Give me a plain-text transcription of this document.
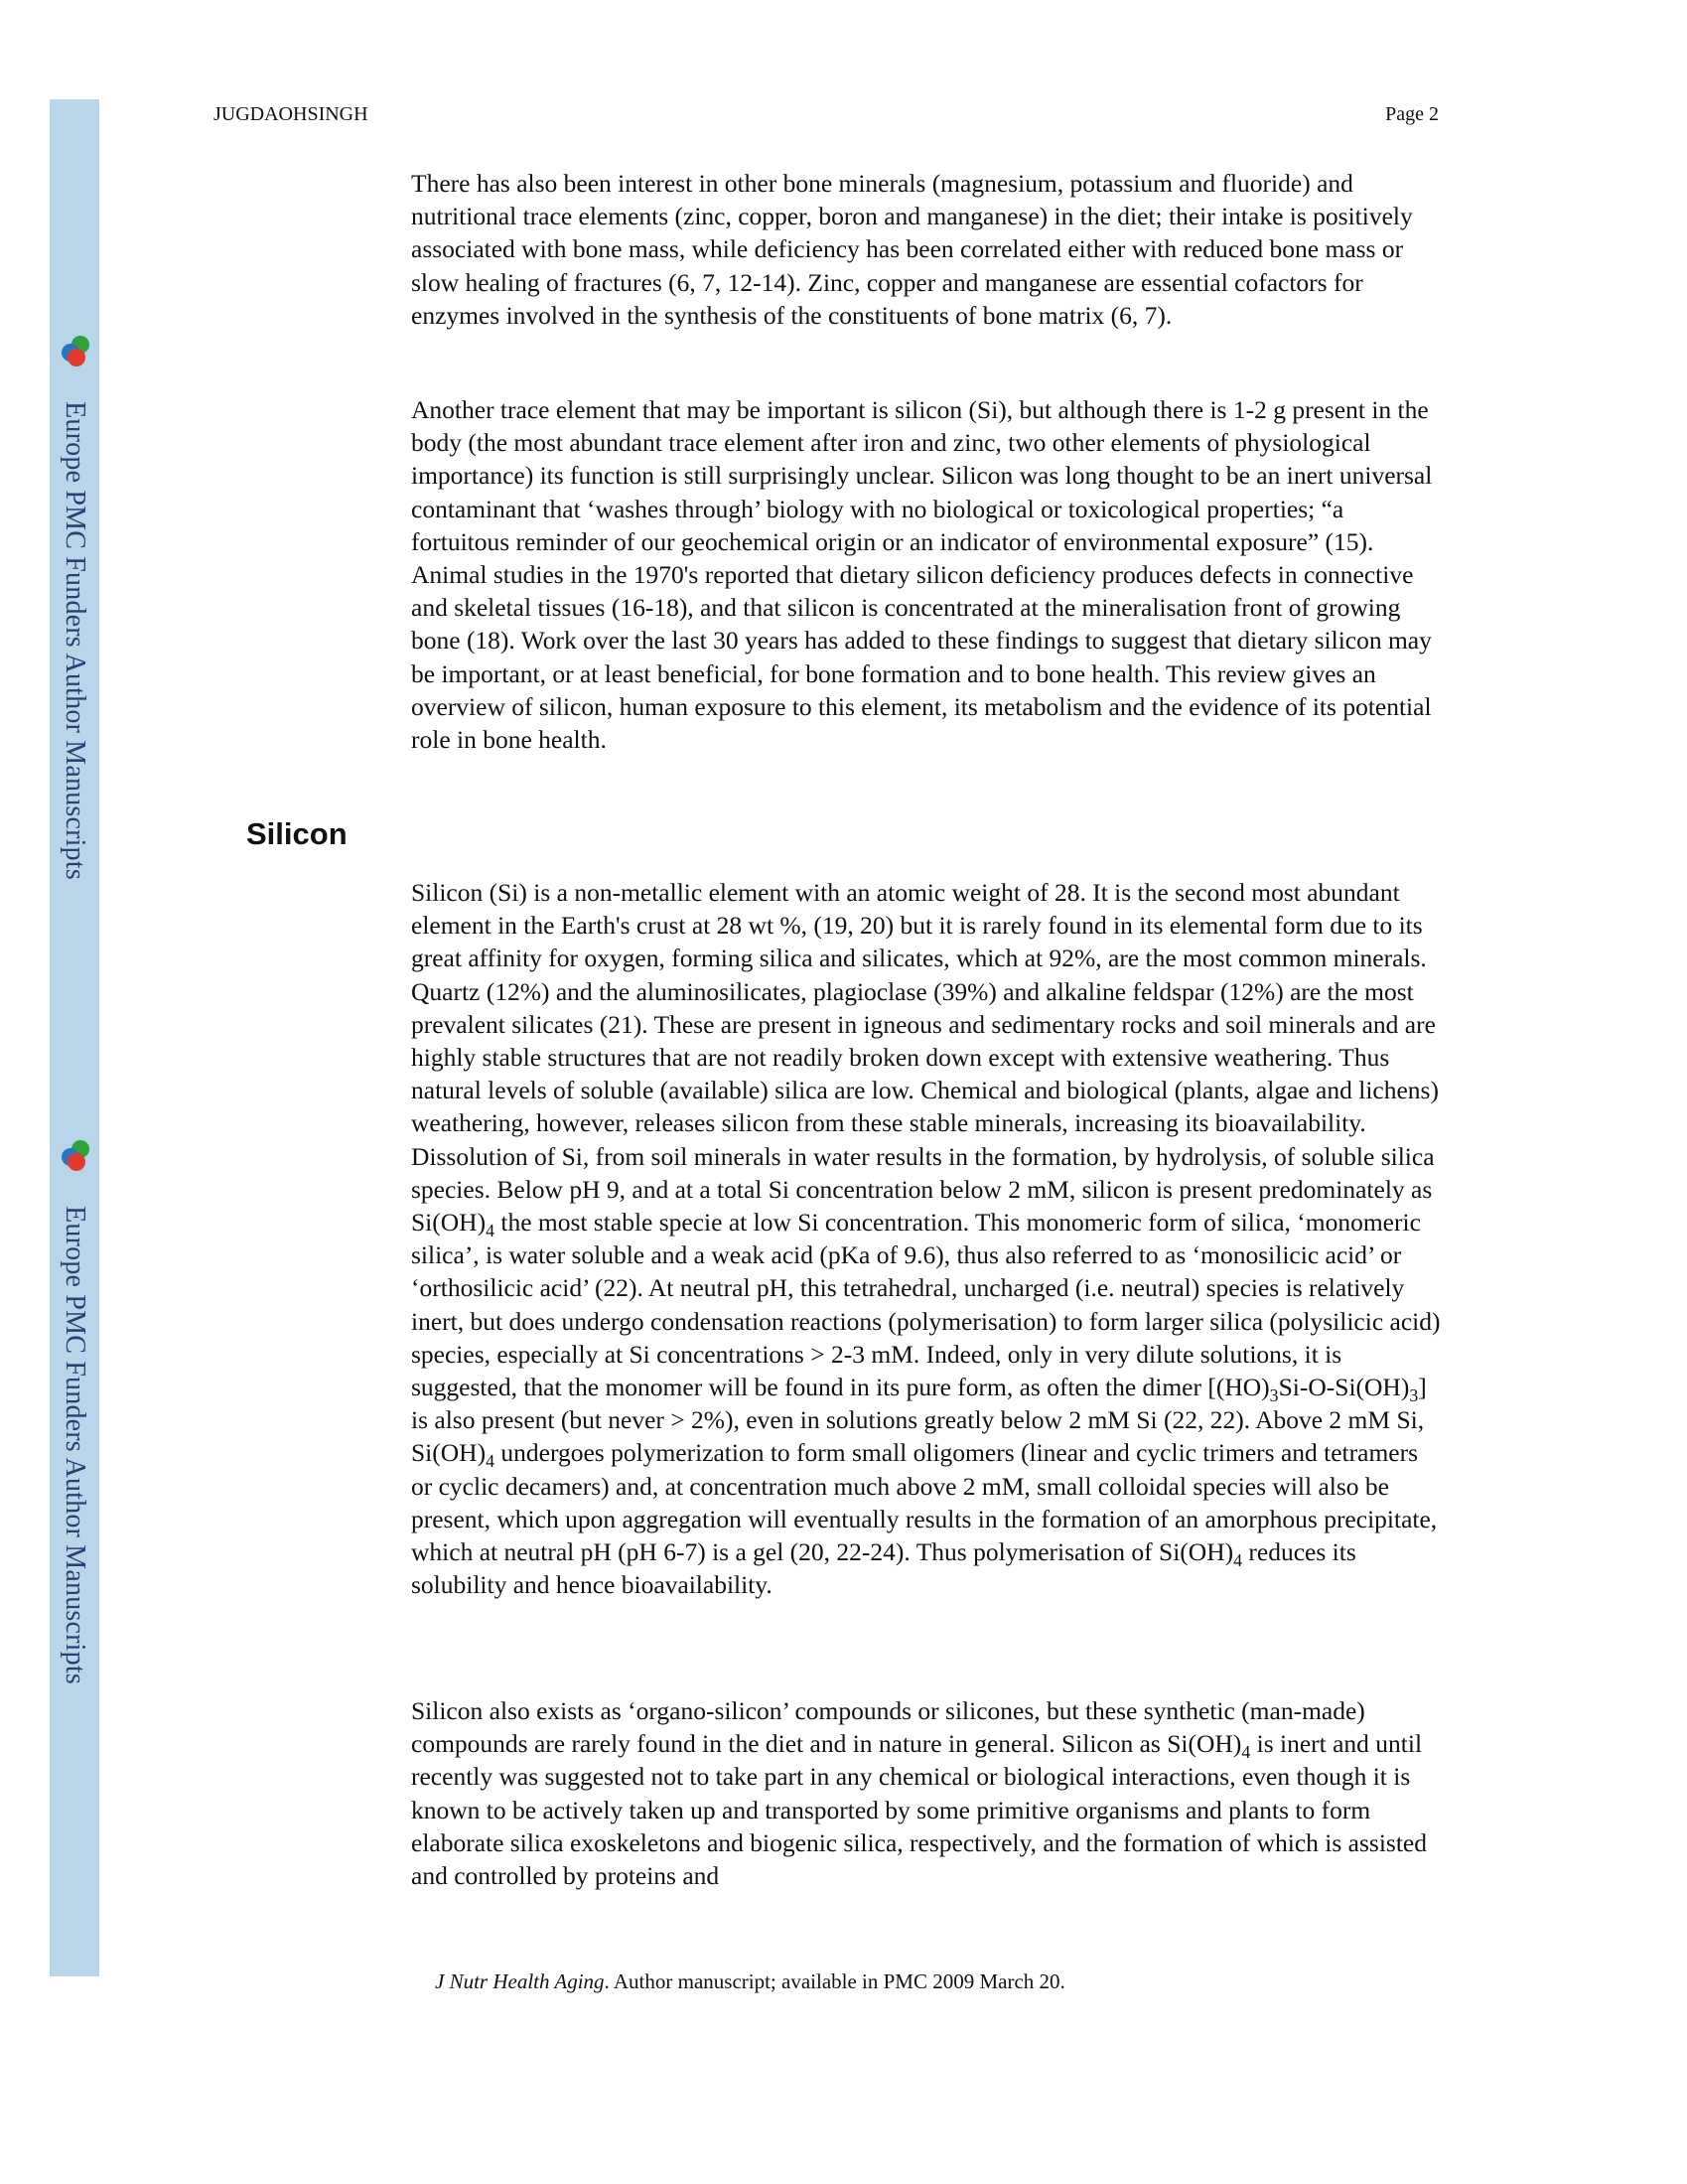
Europe PMC Funders Author Manuscripts
Europe PMC Funders Author Manuscripts
JUGDAOHSINGH	Page 2

There has also been interest in other bone minerals (magnesium, potassium and fluoride) and nutritional trace elements (zinc, copper, boron and manganese) in the diet; their intake is positively associated with bone mass, while deficiency has been correlated either with reduced bone mass or slow healing of fractures (6, 7, 12-14). Zinc, copper and manganese are essential cofactors for enzymes involved in the synthesis of the constituents of bone matrix (6, 7).

Another trace element that may be important is silicon (Si), but although there is 1-2 g present in the body (the most abundant trace element after iron and zinc, two other elements of physiological importance) its function is still surprisingly unclear. Silicon was long thought to be an inert universal contaminant that ‘washes through’ biology with no biological or toxicological properties; “a fortuitous reminder of our geochemical origin or an indicator of environmental exposure” (15). Animal studies in the 1970's reported that dietary silicon deficiency produces defects in connective and skeletal tissues (16-18), and that silicon is concentrated at the mineralisation front of growing bone (18). Work over the last 30 years has added to these findings to suggest that dietary silicon may be important, or at least beneficial, for bone formation and to bone health. This review gives an overview of silicon, human exposure to this element, its metabolism and the evidence of its potential role in bone health.

Silicon

Silicon (Si) is a non-metallic element with an atomic weight of 28. It is the second most abundant element in the Earth's crust at 28 wt %, (19, 20) but it is rarely found in its elemental form due to its great affinity for oxygen, forming silica and silicates, which at 92%, are the most common minerals. Quartz (12%) and the aluminosilicates, plagioclase (39%) and alkaline feldspar (12%) are the most prevalent silicates (21). These are present in igneous and sedimentary rocks and soil minerals and are highly stable structures that are not readily broken down except with extensive weathering. Thus natural levels of soluble (available) silica are low. Chemical and biological (plants, algae and lichens) weathering, however, releases silicon from these stable minerals, increasing its bioavailability. Dissolution of Si, from soil minerals in water results in the formation, by hydrolysis, of soluble silica species. Below pH 9, and at a total Si concentration below 2 mM, silicon is present predominately as $Si(OH)_4$ the most stable specie at low Si concentration. This monomeric form of silica, ‘monomeric silica’, is water soluble and a weak acid (pKa of 9.6), thus also referred to as ‘monosilicic acid’ or ‘orthosilicic acid’ (22). At neutral pH, this tetrahedral, uncharged (i.e. neutral) species is relatively inert, but does undergo condensation reactions (polymerisation) to form larger silica (polysilicic acid) species, especially at Si concentrations > 2-3 mM. Indeed, only in very dilute solutions, it is suggested, that the monomer will be found in its pure form, as often the dimer $[(HO)_3Si-O-Si(OH)_3]$ is also present (but never > 2%), even in solutions greatly below 2 mM Si (22, 22). Above 2 mM Si, $Si(OH)_4$ undergoes polymerization to form small oligomers (linear and cyclic trimers and tetramers or cyclic decamers) and, at concentration much above 2 mM, small colloidal species will also be present, which upon aggregation will eventually results in the formation of an amorphous precipitate, which at neutral pH (pH 6-7) is a gel (20, 22-24). Thus polymerisation of $Si(OH)_4$ reduces its solubility and hence bioavailability.

Silicon also exists as ‘organo-silicon’ compounds or silicones, but these synthetic (man-made) compounds are rarely found in the diet and in nature in general. Silicon as $Si(OH)_4$ is inert and until recently was suggested not to take part in any chemical or biological interactions, even though it is known to be actively taken up and transported by some primitive organisms and plants to form elaborate silica exoskeletons and biogenic silica, respectively, and the formation of which is assisted and controlled by proteins and

J Nutr Health Aging. Author manuscript; available in PMC 2009 March 20.
